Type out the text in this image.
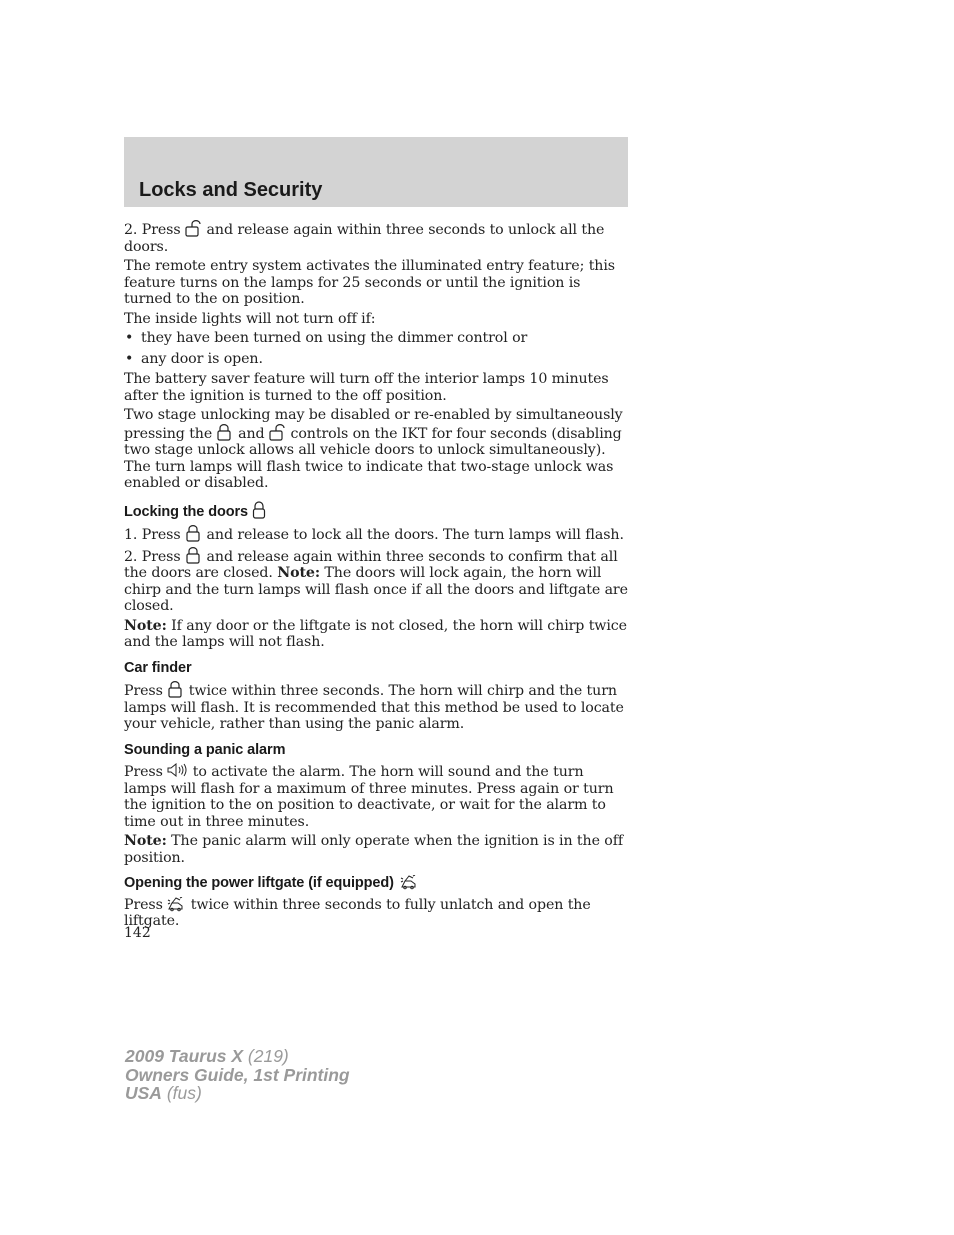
Locks and Security

2. Press and release again within three seconds to unlock all the doors.

The remote entry system activates the illuminated entry feature; this feature turns on the lamps for 25 seconds or until the ignition is turned to the on position.

The inside lights will not turn off if:

• they have been turned on using the dimmer control or
• any door is open.

The battery saver feature will turn off the interior lamps 10 minutes after the ignition is turned to the off position.

Two stage unlocking may be disabled or re-enabled by simultaneously pressing the and controls on the IKT for four seconds (disabling two stage unlock allows all vehicle doors to unlock simultaneously). The turn lamps will flash twice to indicate that two-stage unlock was enabled or disabled.

Locking the doors

1. Press and release to lock all the doors. The turn lamps will flash.

2. Press and release again within three seconds to confirm that all the doors are closed. Note: The doors will lock again, the horn will chirp and the turn lamps will flash once if all the doors and liftgate are closed.

Note: If any door or the liftgate is not closed, the horn will chirp twice and the lamps will not flash.

Car finder

Press twice within three seconds. The horn will chirp and the turn lamps will flash. It is recommended that this method be used to locate your vehicle, rather than using the panic alarm.

Sounding a panic alarm

Press to activate the alarm. The horn will sound and the turn lamps will flash for a maximum of three minutes. Press again or turn the ignition to the on position to deactivate, or wait for the alarm to time out in three minutes.

Note: The panic alarm will only operate when the ignition is in the off position.

Opening the power liftgate (if equipped)

Press twice within three seconds to fully unlatch and open the liftgate.

142
2009 Taurus X (219)
Owners Guide, 1st Printing
USA (fus)
